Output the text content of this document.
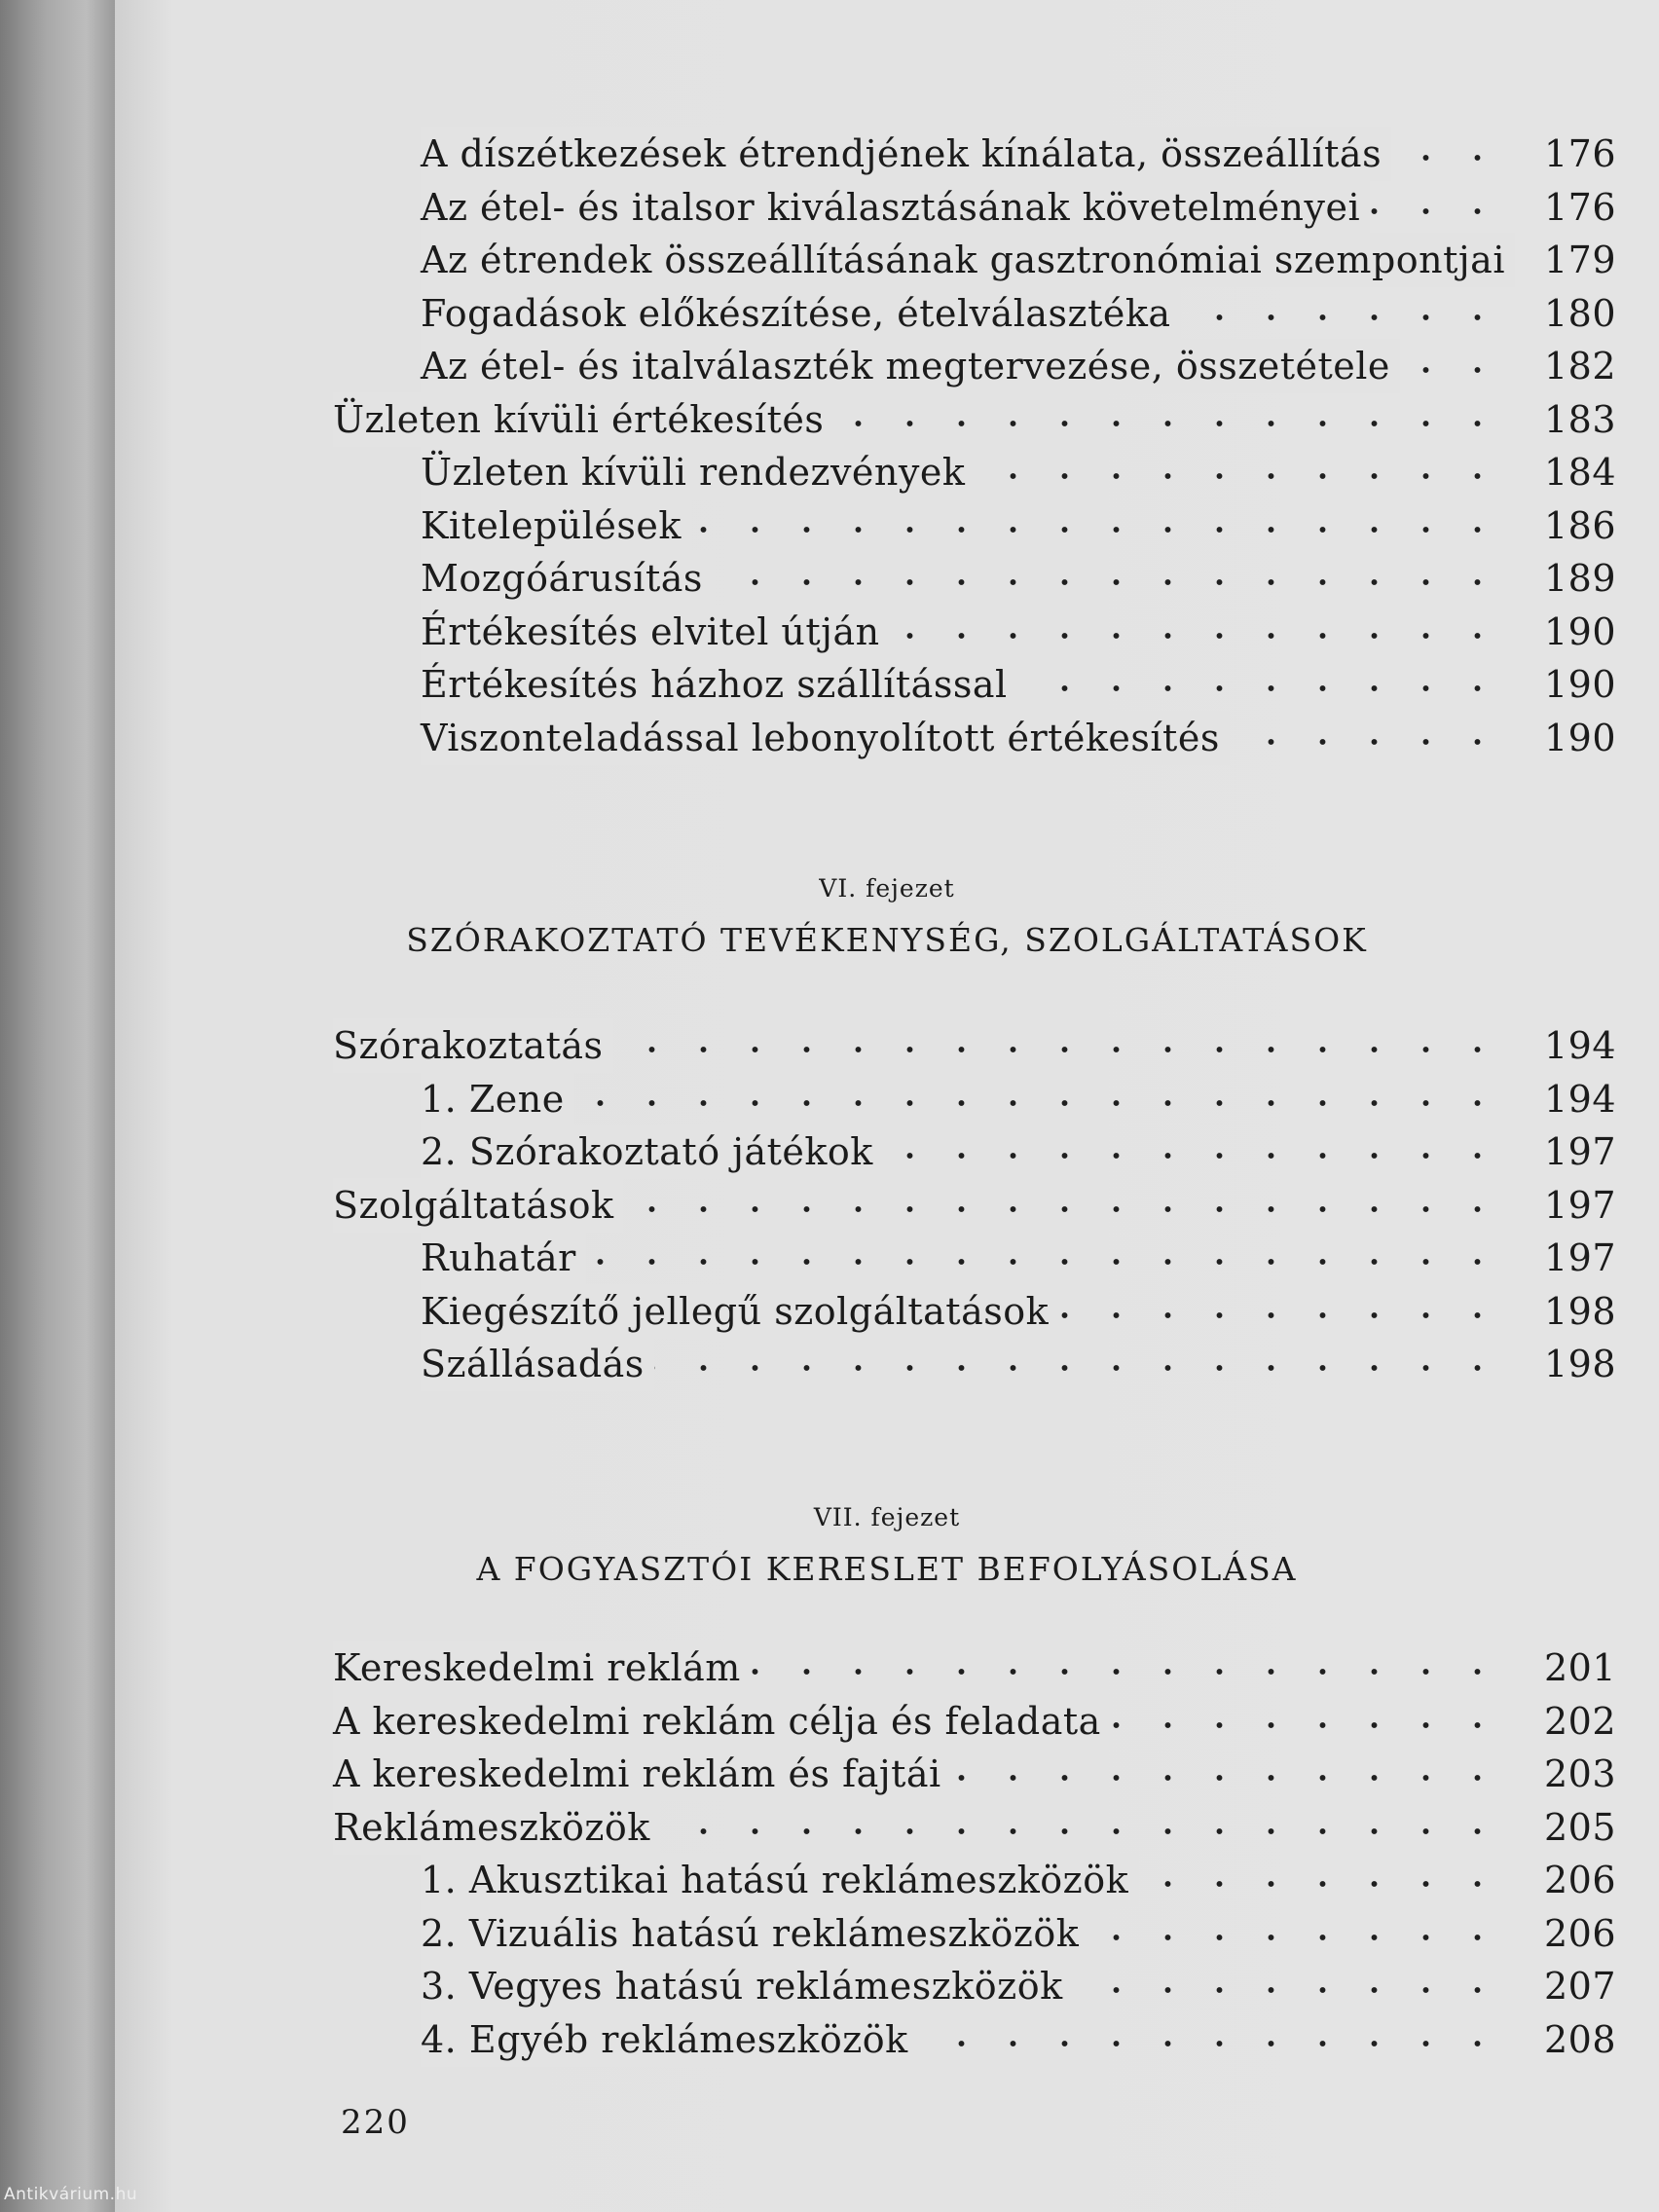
A díszétkezések étrendjének kínálata, összeállítás	176
Az étel- és italsor kiválasztásának követelményei	176
Az étrendek összeállításának gasztronómiai szempontjai	179
Fogadások előkészítése, ételválasztéka	180
Az étel- és italválaszték megtervezése, összetétele	182
Üzleten kívüli értékesítés	183
Üzleten kívüli rendezvények	184
Kitelepülések	186
Mozgóárusítás	189
Értékesítés elvitel útján	190
Értékesítés házhoz szállítással	190
Viszonteladással lebonyolított értékesítés	190
VI. fejezet
SZÓRAKOZTATÓ TEVÉKENYSÉG, SZOLGÁLTATÁSOK
Szórakoztatás	194
1. Zene	194
2. Szórakoztató játékok	197
Szolgáltatások	197
Ruhatár	197
Kiegészítő jellegű szolgáltatások	198
Szállásadás	198
VII. fejezet
A FOGYASZTÓI KERESLET BEFOLYÁSOLÁSA
Kereskedelmi reklám	201
A kereskedelmi reklám célja és feladata	202
A kereskedelmi reklám és fajtái	203
Reklámeszközök	205
1. Akusztikai hatású reklámeszközök	206
2. Vizuális hatású reklámeszközök	206
3. Vegyes hatású reklámeszközök	207
4. Egyéb reklámeszközök	208
220
Antikvárium.hu
